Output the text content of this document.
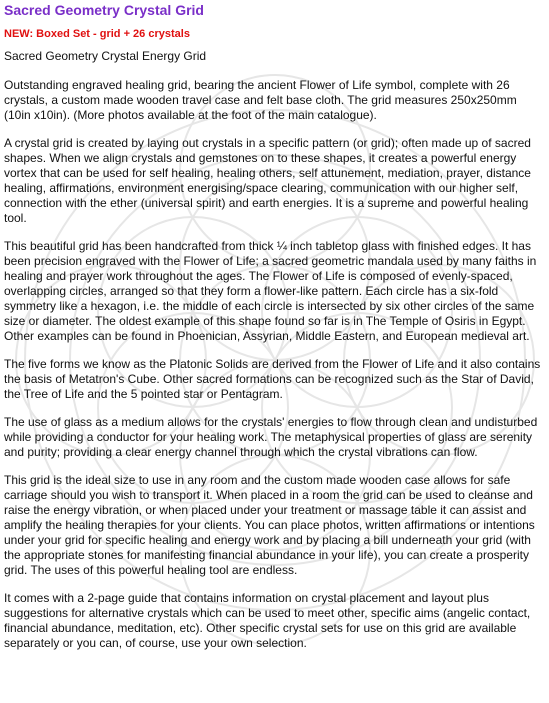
Sacred Geometry Crystal Grid
NEW: Boxed Set - grid + 26 crystals
Sacred Geometry Crystal Energy Grid

Outstanding engraved healing grid, bearing the ancient Flower of Life symbol, complete with 26 crystals, a custom made wooden travel case and felt base cloth. The grid measures 250x250mm (10in x10in). (More photos available at the foot of the main catalogue).

A crystal grid is created by laying out crystals in a specific pattern (or grid); often made up of sacred shapes. When we align crystals and gemstones on to these shapes, it creates a powerful energy vortex that can be used for self healing, healing others, self attunement, mediation, prayer, distance healing, affirmations, environment energising/space clearing, communication with our higher self, connection with the ether (universal spirit) and earth energies. It is a supreme and powerful healing tool.

This beautiful grid has been handcrafted from thick ¼ inch tabletop glass with finished edges. It has been precision engraved with the Flower of Life; a sacred geometric mandala used by many faiths in healing and prayer work throughout the ages. The Flower of Life is composed of evenly-spaced, overlapping circles, arranged so that they form a flower-like pattern. Each circle has a six-fold symmetry like a hexagon, i.e. the middle of each circle is intersected by six other circles of the same size or diameter. The oldest example of this shape found so far is in The Temple of Osiris in Egypt. Other examples can be found in Phoenician, Assyrian, Middle Eastern, and European medieval art.

The five forms we know as the Platonic Solids are derived from the Flower of Life and it also contains the basis of Metatron's Cube. Other sacred formations can be recognized such as the Star of David, the Tree of Life and the 5 pointed star or Pentagram.

The use of glass as a medium allows for the crystals' energies to flow through clean and undisturbed while providing a conductor for your healing work. The metaphysical properties of glass are serenity and purity; providing a clear energy channel through which the crystal vibrations can flow.

This grid is the ideal size to use in any room and the custom made wooden case allows for safe carriage should you wish to transport it. When placed in a room the grid can be used to cleanse and raise the energy vibration, or when placed under your treatment or massage table it can assist and amplify the healing therapies for your clients. You can place photos, written affirmations or intentions under your grid for specific healing and energy work and by placing a bill underneath your grid (with the appropriate stones for manifesting financial abundance in your life), you can create a prosperity grid. The uses of this powerful healing tool are endless.

It comes with a 2-page guide that contains information on crystal placement and layout plus suggestions for alternative crystals which can be used to meet other, specific aims (angelic contact, financial abundance, meditation, etc). Other specific crystal sets for use on this grid are available separately or you can, of course, use your own selection.
